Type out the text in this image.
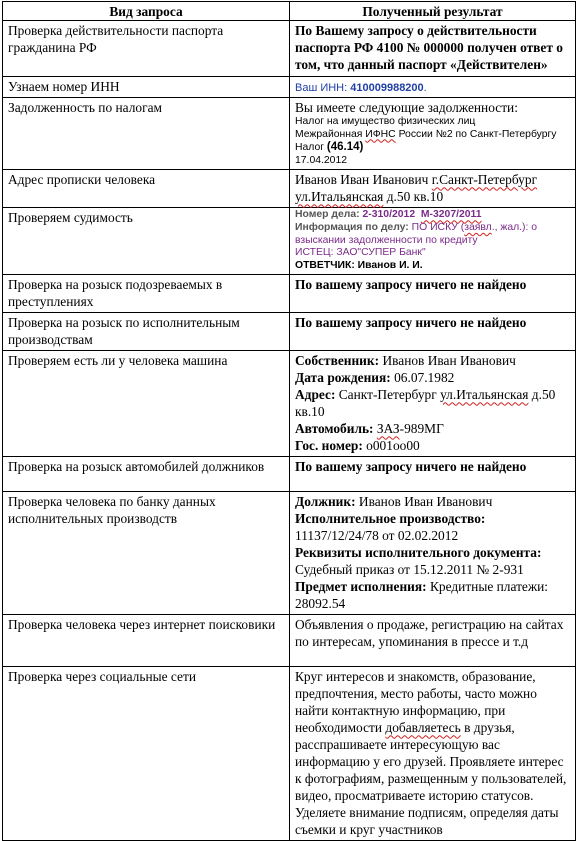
Вид запроса	Полученный результат
Проверка действительности паспорта гражданина РФ	По Вашему запросу о действительности паспорта РФ 4100 № 000000 получен ответ о том, что данный паспорт «Действителен»
Узнаем номер ИНН	Ваш ИНН: 410009988200.
Задолженность по налогам	Вы имеете следующие задолженности:
Налог на имущество физических лиц
Межрайонная ИФНС России №2 по Санкт-Петербургу
Налог (46.14)
17.04.2012

Адрес прописки человека	Иванов Иван Иванович г.Санкт-Петербург ул.Итальянская д.50 кв.10
Проверяем судимость	Номер дела: 2-310/2012 М-3207/2011
Информация по делу: ПО ИСКУ (заявл., жал.): о взыскании задолженности по кредиту
ИСТЕЦ: ЗАО"СУПЕР Банк"
ОТВЕТЧИК: Иванов И. И.

Проверка на розыск подозреваемых в преступлениях	По вашему запросу ничего не найдено
Проверка на розыск по исполнительным производствам	По вашему запросу ничего не найдено
Проверяем есть ли у человека машина	Собственник: Иванов Иван Иванович
Дата рождения: 06.07.1982
Адрес: Санкт-Петербург ул.Итальянская д.50 кв.10
Автомобиль: ЗАЗ-989МГ
Гос. номер: о001оо00

Проверка на розыск автомобилей должников	По вашему запросу ничего не найдено
Проверка человека по банку данных исполнительных производств	Должник: Иванов Иван Иванович
Исполнительное производство: 11137/12/24/78 от 02.02.2012
Реквизиты исполнительного документа: Судебный приказ от 15.12.2011 № 2-931
Предмет исполнения: Кредитные платежи: 28092.54

Проверка человека через интернет поисковики	Объявления о продаже, регистрацию на сайтах по интересам, упоминания в прессе и т.д
Проверка через социальные сети	Круг интересов и знакомств, образование, предпочтения, место работы, часто можно найти контактную информацию, при необходимости добавляетесь в друзья, расспрашиваете интересующую вас информацию у его друзей. Проявляете интерес к фотографиям, размещенным у пользователей, видео, просматриваете историю статусов. Уделяете внимание подписям, определяя даты съемки и круг участников
